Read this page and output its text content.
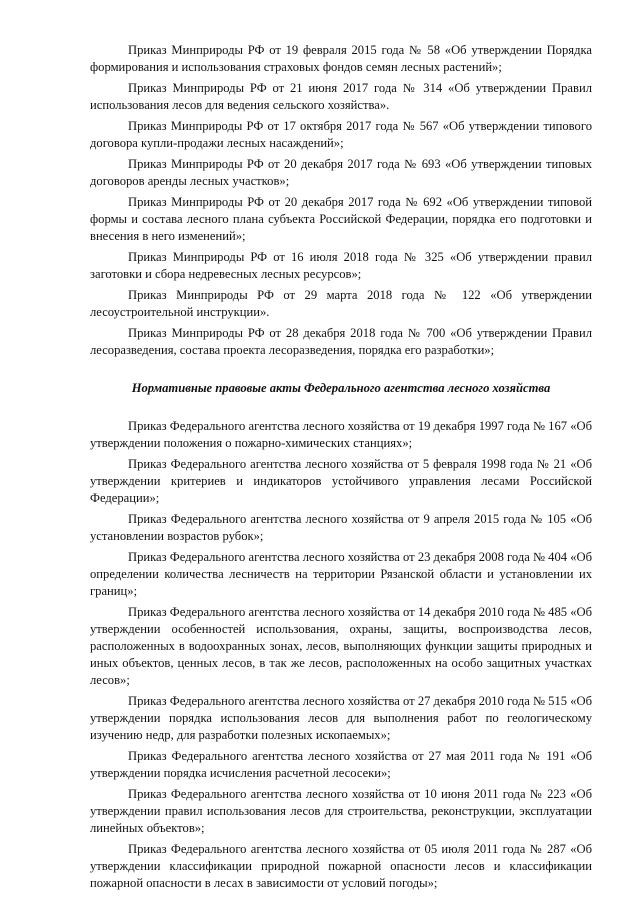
Приказ Минприроды РФ от 19 февраля 2015 года № 58 «Об утверждении Порядка формирования и использования страховых фондов семян лесных растений»;

Приказ Минприроды РФ от 21 июня 2017 года № 314 «Об утверждении Правил использования лесов для ведения сельского хозяйства».

Приказ Минприроды РФ от 17 октября 2017 года № 567 «Об утверждении типового договора купли-продажи лесных насаждений»;

Приказ Минприроды РФ от 20 декабря 2017 года № 693 «Об утверждении типовых договоров аренды лесных участков»;

Приказ Минприроды РФ от 20 декабря 2017 года № 692 «Об утверждении типовой формы и состава лесного плана субъекта Российской Федерации, порядка его подготовки и внесения в него изменений»;

Приказ Минприроды РФ от 16 июля 2018 года № 325 «Об утверждении правил заготовки и сбора недревесных лесных ресурсов»;

Приказ Минприроды РФ от 29 марта 2018 года № 122 «Об утверждении лесоустроительной инструкции».

Приказ Минприроды РФ от 28 декабря 2018 года № 700 «Об утверждении Правил лесоразведения, состава проекта лесоразведения, порядка его разработки»;

Нормативные правовые акты Федерального агентства лесного хозяйства

Приказ Федерального агентства лесного хозяйства от 19 декабря 1997 года № 167 «Об утверждении положения о пожарно-химических станциях»;

Приказ Федерального агентства лесного хозяйства от 5 февраля 1998 года № 21 «Об утверждении критериев и индикаторов устойчивого управления лесами Российской Федерации»;

Приказ Федерального агентства лесного хозяйства от 9 апреля 2015 года № 105 «Об установлении возрастов рубок»;

Приказ Федерального агентства лесного хозяйства от 23 декабря 2008 года № 404 «Об определении количества лесничеств на территории Рязанской области и установлении их границ»;

Приказ Федерального агентства лесного хозяйства от 14 декабря 2010 года № 485 «Об утверждении особенностей использования, охраны, защиты, воспроизводства лесов, расположенных в водоохранных зонах, лесов, выполняющих функции защиты природных и иных объектов, ценных лесов, в так же лесов, расположенных на особо защитных участках лесов»;

Приказ Федерального агентства лесного хозяйства от 27 декабря 2010 года № 515 «Об утверждении порядка использования лесов для выполнения работ по геологическому изучению недр, для разработки полезных ископаемых»;

Приказ Федерального агентства лесного хозяйства от 27 мая 2011 года № 191 «Об утверждении порядка исчисления расчетной лесосеки»;

Приказ Федерального агентства лесного хозяйства от 10 июня 2011 года № 223 «Об утверждении правил использования лесов для строительства, реконструкции, эксплуатации линейных объектов»;

Приказ Федерального агентства лесного хозяйства от 05 июля 2011 года № 287 «Об утверждении классификации природной пожарной опасности лесов и классификации пожарной опасности в лесах в зависимости от условий погоды»;
